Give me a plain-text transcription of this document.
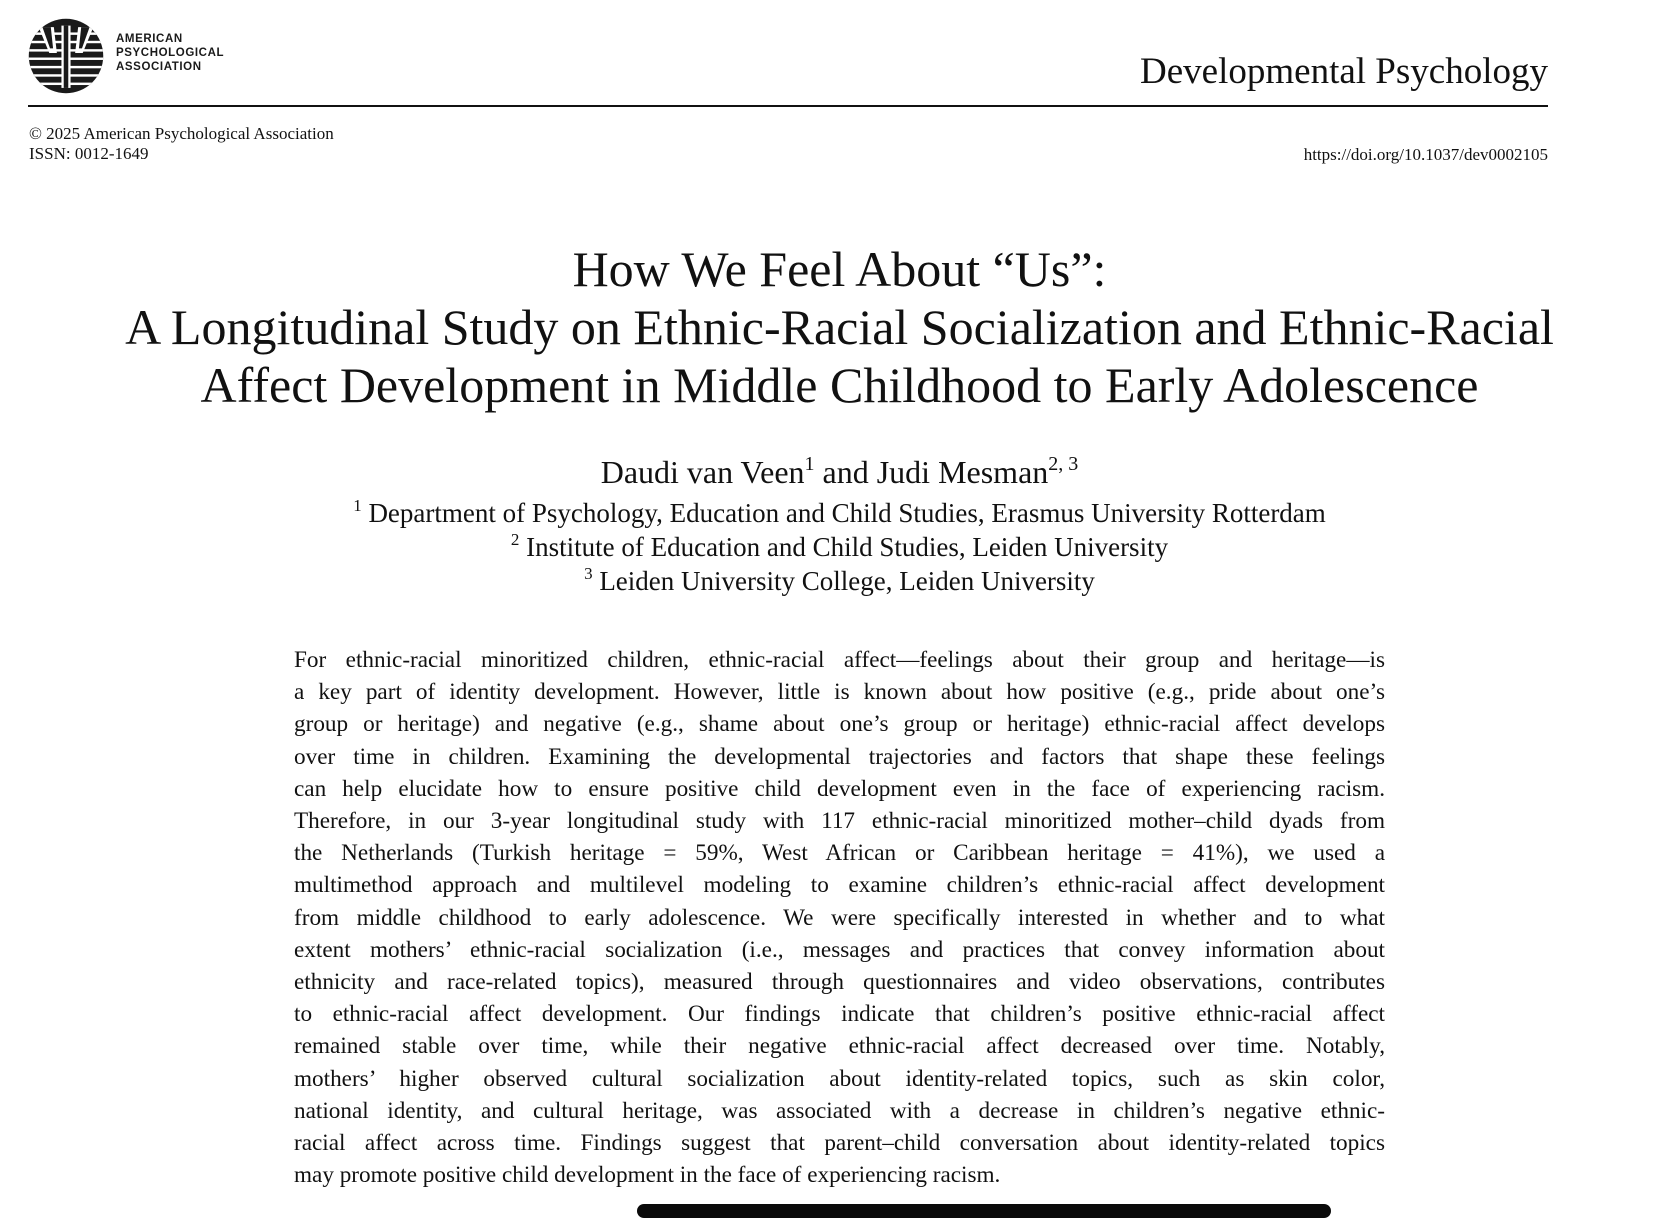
AMERICAN
PSYCHOLOGICAL
ASSOCIATION	Developmental Psychology
© 2025 American Psychological Association
ISSN: 0012-1649	https://doi.org/10.1037/dev0002105
How We Feel About “Us”:
A Longitudinal Study on Ethnic-Racial Socialization and Ethnic-Racial
Affect Development in Middle Childhood to Early Adolescence
Daudi van Veen$^1$ and Judi Mesman$^{2, 3}$
$^1$ Department of Psychology, Education and Child Studies, Erasmus University Rotterdam
$^2$ Institute of Education and Child Studies, Leiden University
$^3$ Leiden University College, Leiden University
For ethnic-racial minoritized children, ethnic-racial affect—feelings about their group and heritage—is
a key part of identity development. However, little is known about how positive (e.g., pride about one’s
group or heritage) and negative (e.g., shame about one’s group or heritage) ethnic-racial affect develops
over time in children. Examining the developmental trajectories and factors that shape these feelings
can help elucidate how to ensure positive child development even in the face of experiencing racism.
Therefore, in our 3-year longitudinal study with 117 ethnic-racial minoritized mother–child dyads from
the Netherlands (Turkish heritage = 59%, West African or Caribbean heritage = 41%), we used a
multimethod approach and multilevel modeling to examine children’s ethnic-racial affect development
from middle childhood to early adolescence. We were specifically interested in whether and to what
extent mothers’ ethnic-racial socialization (i.e., messages and practices that convey information about
ethnicity and race-related topics), measured through questionnaires and video observations, contributes
to ethnic-racial affect development. Our findings indicate that children’s positive ethnic-racial affect
remained stable over time, while their negative ethnic-racial affect decreased over time. Notably,
mothers’ higher observed cultural socialization about identity-related topics, such as skin color,
national identity, and cultural heritage, was associated with a decrease in children’s negative ethnic-
racial affect across time. Findings suggest that parent–child conversation about identity-related topics
may promote positive child development in the face of experiencing racism.
